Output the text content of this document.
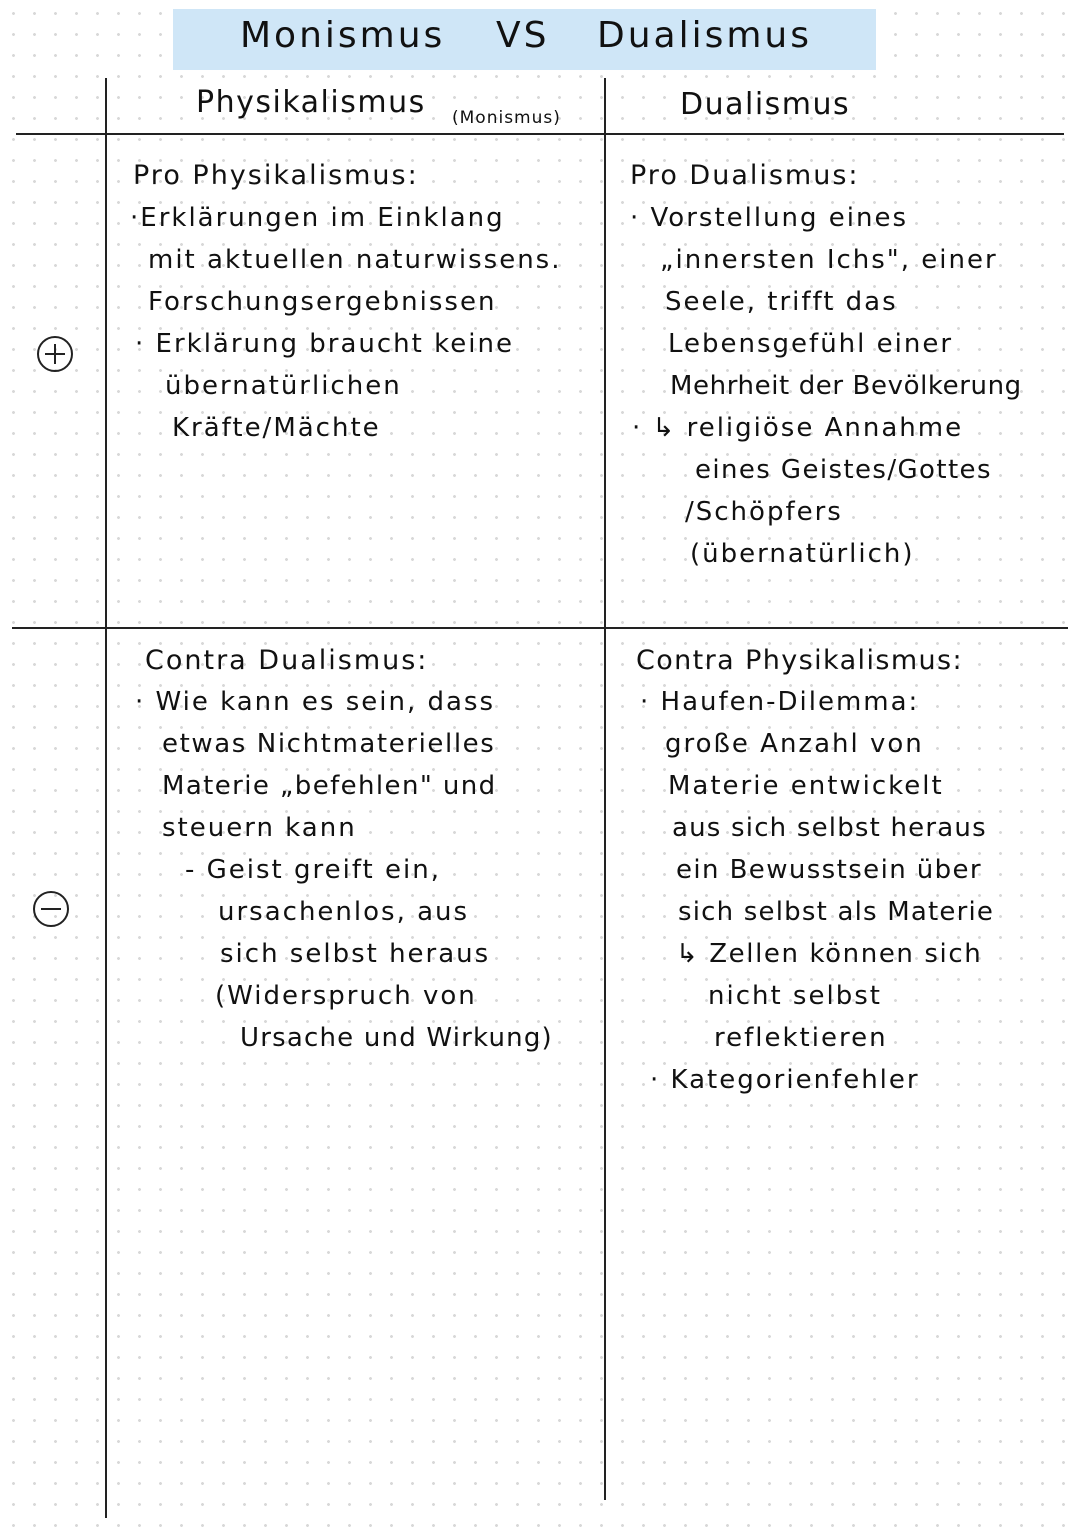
Monismus VS Dualismus
Physikalismus (Monismus)	Dualismus
Pro Physikalismus:
·Erklärungen im Einklang
mit aktuellen naturwissens.
Forschungsergebnissen
· Erklärung braucht keine
übernatürlichen
Kräfte/Mächte
Pro Dualismus:
· Vorstellung eines
„innersten Ichs", einer
Seele, trifft das
Lebensgefühl einer
Mehrheit der Bevölkerung
· ↳ religiöse Annahme
eines Geistes/Gottes
/Schöpfers
(übernatürlich)
Contra Dualismus:
· Wie kann es sein, dass
etwas Nichtmaterielles
Materie „befehlen" und
steuern kann
- Geist greift ein,
ursachenlos, aus
sich selbst heraus
(Widerspruch von
Ursache und Wirkung)
Contra Physikalismus:
· Haufen-Dilemma:
große Anzahl von
Materie entwickelt
aus sich selbst heraus
ein Bewusstsein über
sich selbst als Materie
↳ Zellen können sich
nicht selbst
reflektieren
· Kategorienfehler
